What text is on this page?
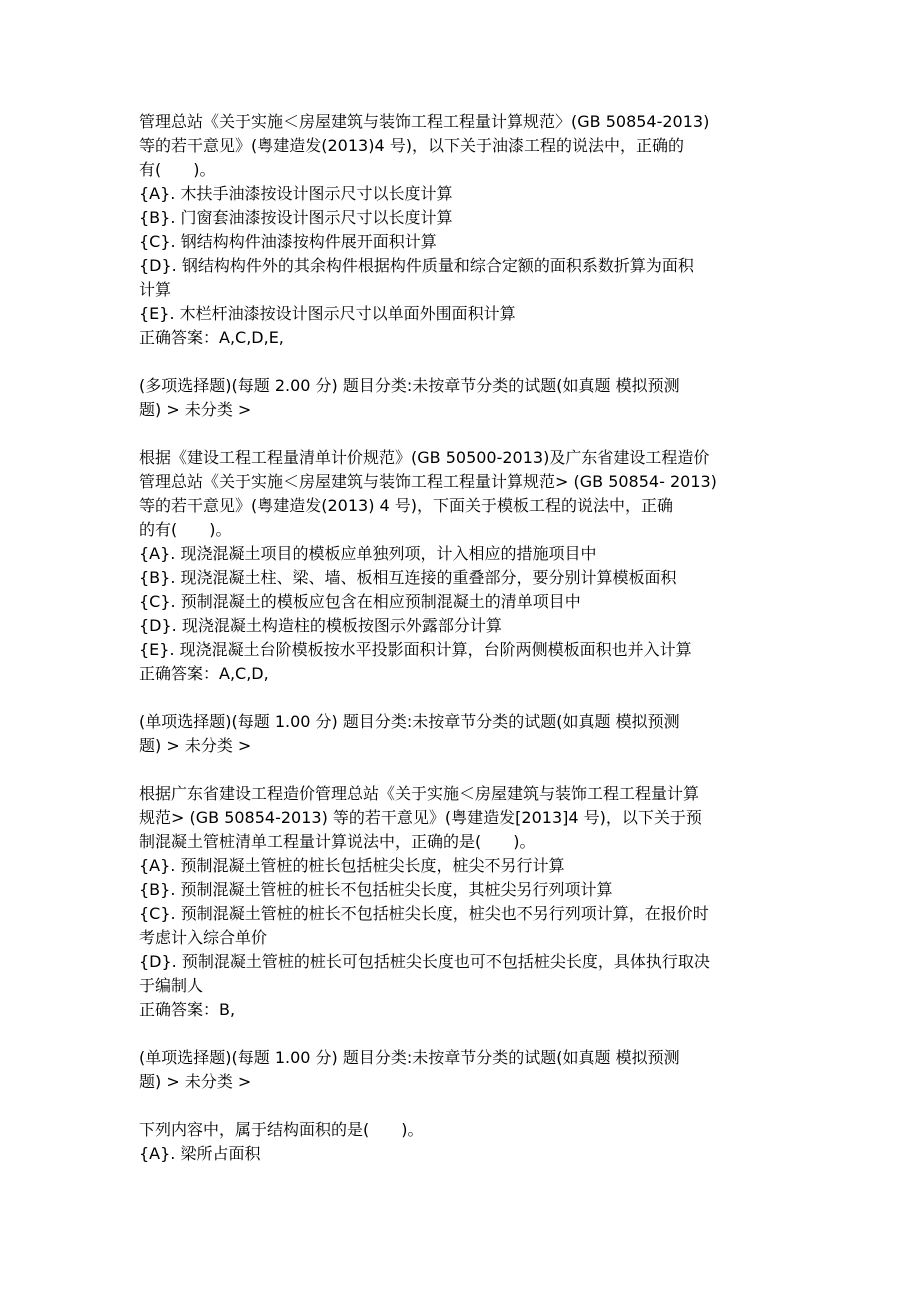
管理总站《关于实施＜房屋建筑与装饰工程工程量计算规范〉(GB 50854-2013)
等的若干意见》(粤建造发(2013)4 号)，以下关于油漆工程的说法中，正确的
有(　　)。
{A}. 木扶手油漆按设计图示尺寸以长度计算
{B}. 门窗套油漆按设计图示尺寸以长度计算
{C}. 钢结构构件油漆按构件展开面积计算
{D}. 钢结构构件外的其余构件根据构件质量和综合定额的面积系数折算为面积
计算
{E}. 木栏杆油漆按设计图示尺寸以单面外围面积计算
正确答案：A,C,D,E,
(多项选择题)(每题 2.00 分) 题目分类:未按章节分类的试题(如真题 模拟预测
题) > 未分类 >
根据《建设工程工程量清单计价规范》(GB 50500-2013)及广东省建设工程造价
管理总站《关于实施＜房屋建筑与装饰工程工程量计算规范> (GB 50854- 2013)
等的若干意见》(粤建造发(2013) 4 号)，下面关于模板工程的说法中，正确
的有(　　)。
{A}. 现浇混凝土项目的模板应单独列项，计入相应的措施项目中
{B}. 现浇混凝土柱、梁、墙、板相互连接的重叠部分，要分别计算模板面积
{C}. 预制混凝土的模板应包含在相应预制混凝土的清单项目中
{D}. 现浇混凝土构造柱的模板按图示外露部分计算
{E}. 现浇混凝土台阶模板按水平投影面积计算，台阶两侧模板面积也并入计算
正确答案：A,C,D,
(单项选择题)(每题 1.00 分) 题目分类:未按章节分类的试题(如真题 模拟预测
题) > 未分类 >
根据广东省建设工程造价管理总站《关于实施＜房屋建筑与装饰工程工程量计算
规范> (GB 50854-2013) 等的若干意见》(粤建造发[2013]4 号)，以下关于预
制混凝土管桩清单工程量计算说法中，正确的是(　　)。
{A}. 预制混凝土管桩的桩长包括桩尖长度，桩尖不另行计算
{B}. 预制混凝土管桩的桩长不包括桩尖长度，其桩尖另行列项计算
{C}. 预制混凝土管桩的桩长不包括桩尖长度，桩尖也不另行列项计算，在报价时
考虑计入综合单价
{D}. 预制混凝土管桩的桩长可包括桩尖长度也可不包括桩尖长度，具体执行取决
于编制人
正确答案：B,
(单项选择题)(每题 1.00 分) 题目分类:未按章节分类的试题(如真题 模拟预测
题) > 未分类 >
下列内容中，属于结构面积的是(　　)。
{A}. 梁所占面积
